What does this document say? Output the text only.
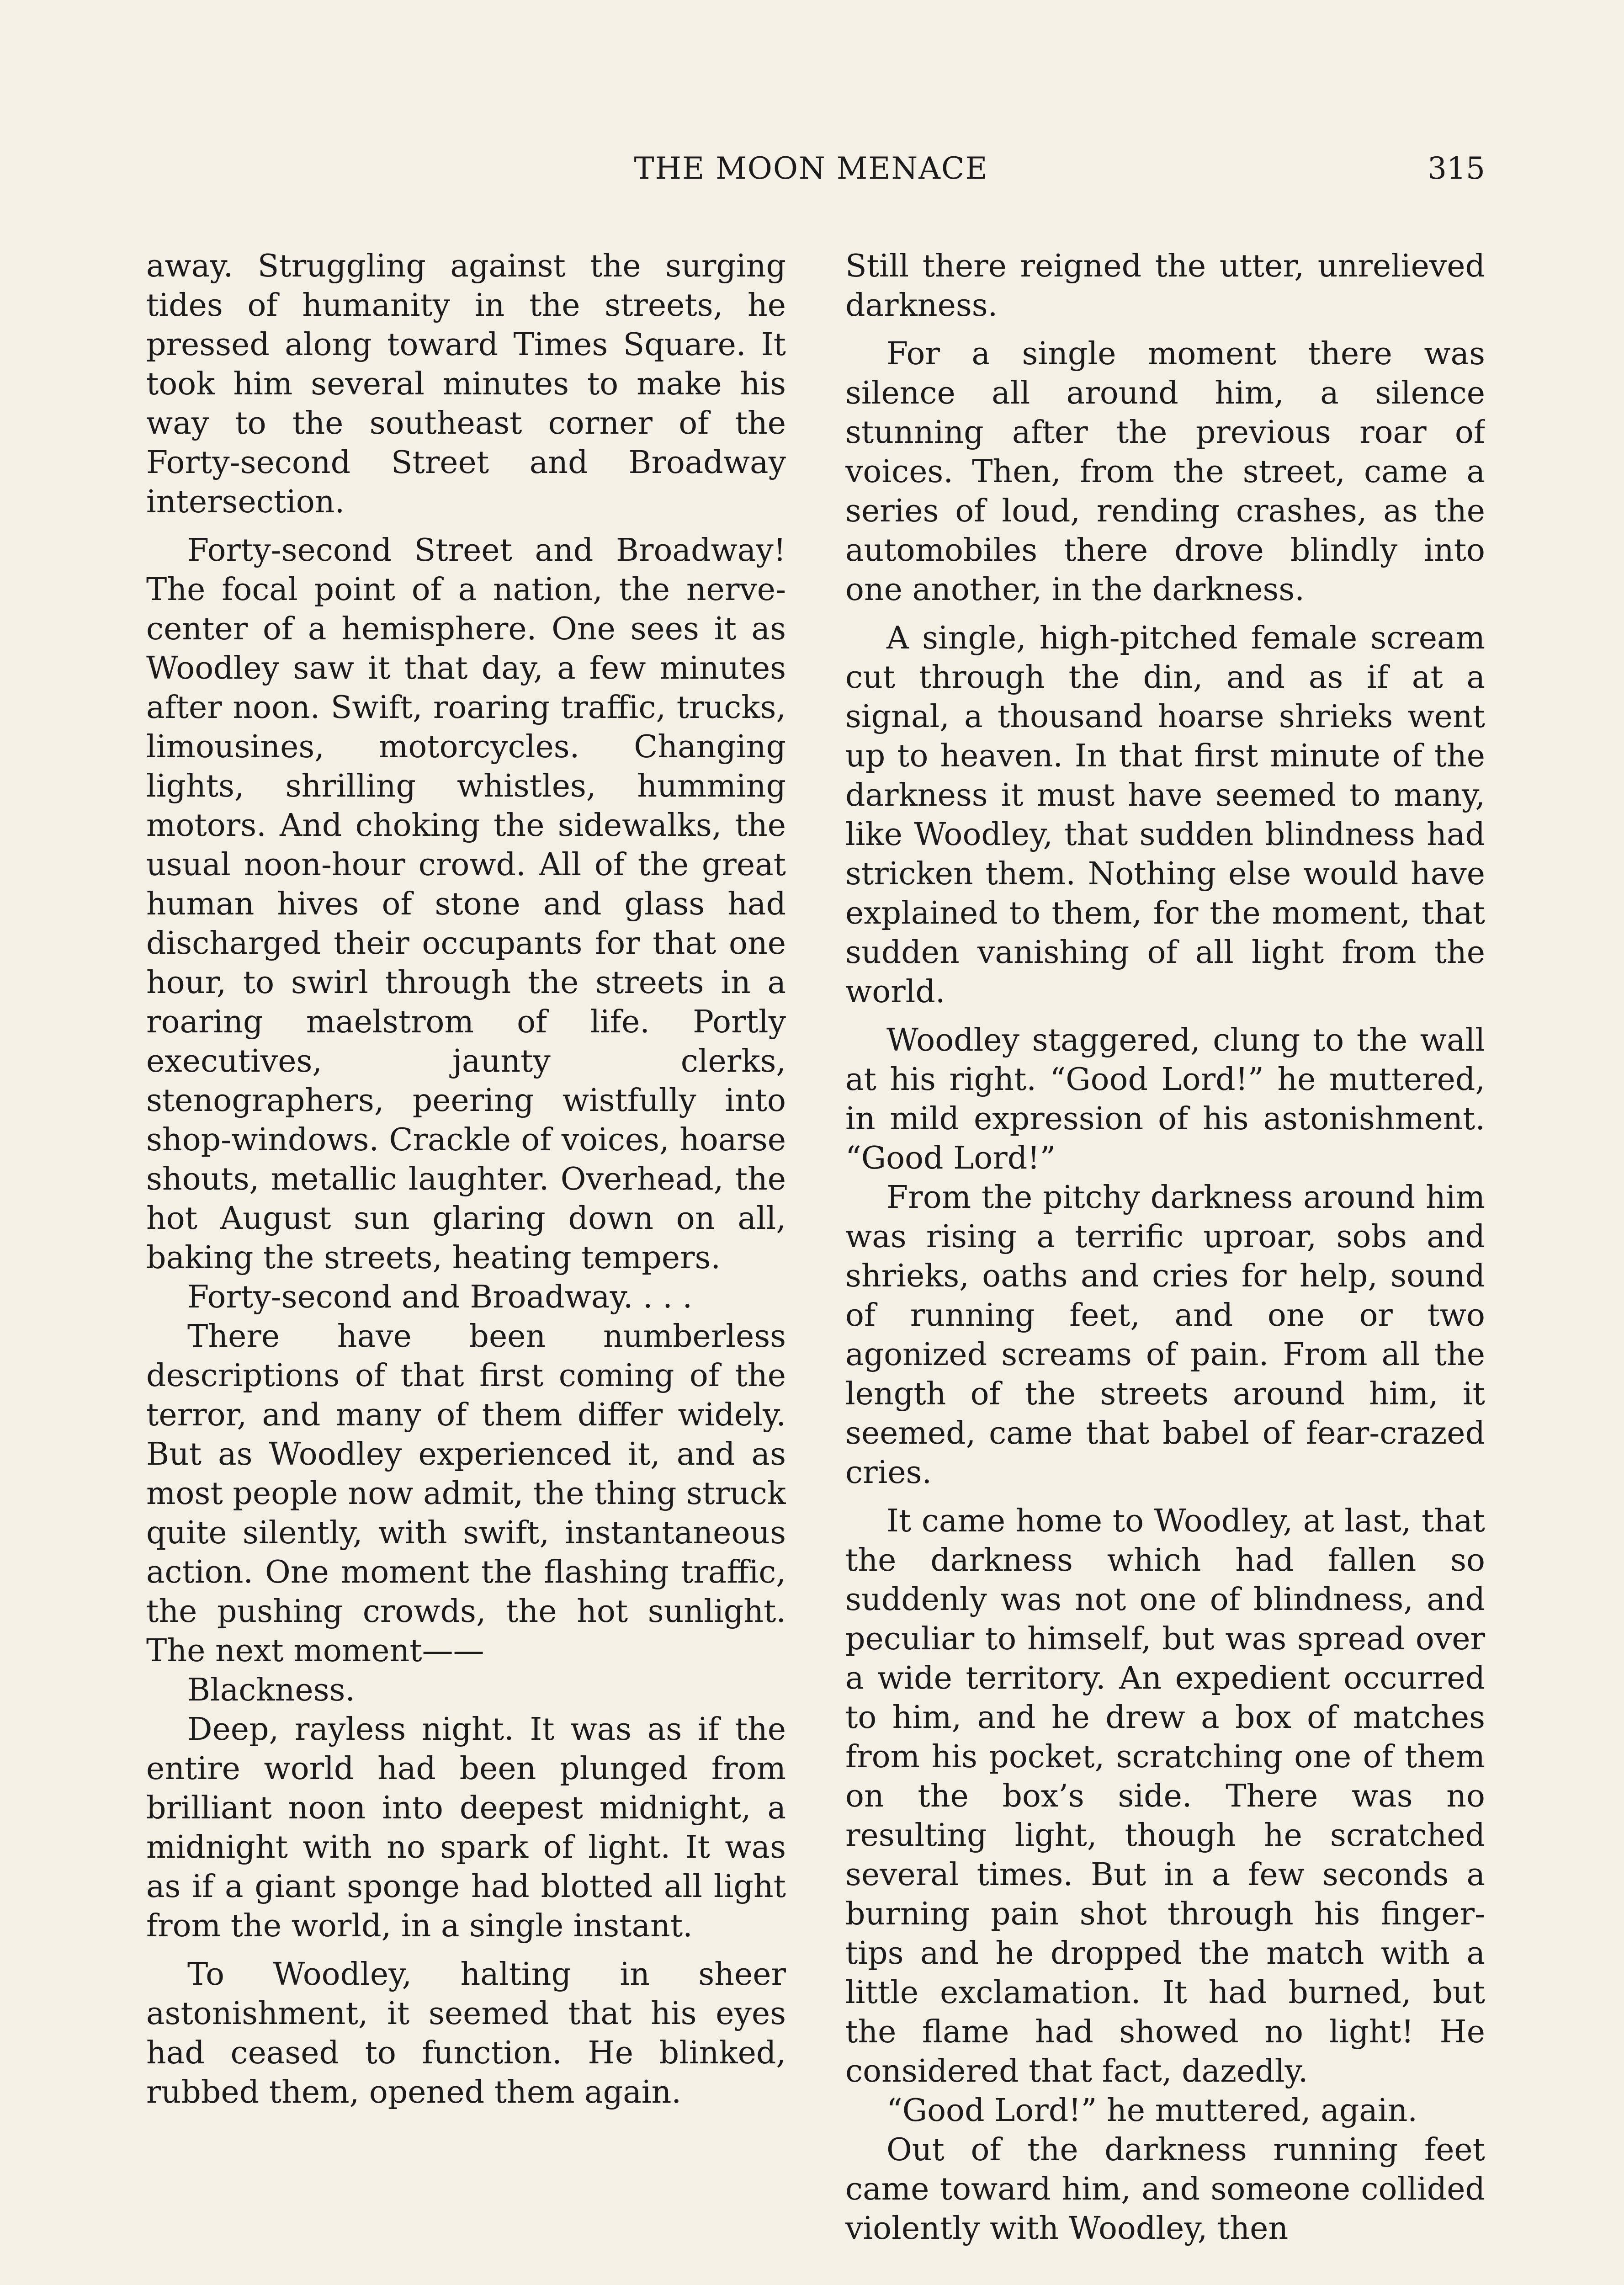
THE MOON MENACE	315

away. Struggling against the surging tides of humanity in the streets, he pressed along toward Times Square. It took him several minutes to make his way to the southeast corner of the Forty-second Street and Broadway intersection.

Forty-second Street and Broadway! The focal point of a nation, the nerve-center of a hemisphere. One sees it as Woodley saw it that day, a few minutes after noon. Swift, roaring traffic, trucks, limousines, motorcycles. Changing lights, shrilling whistles, humming motors. And choking the sidewalks, the usual noon-hour crowd. All of the great human hives of stone and glass had discharged their occupants for that one hour, to swirl through the streets in a roaring maelstrom of life. Portly executives, jaunty clerks, stenographers, peering wistfully into shop-windows. Crackle of voices, hoarse shouts, metallic laughter. Overhead, the hot August sun glaring down on all, baking the streets, heating tempers.

Forty-second and Broadway. . . .

There have been numberless descriptions of that first coming of the terror, and many of them differ widely. But as Woodley experienced it, and as most people now admit, the thing struck quite silently, with swift, instantaneous action. One moment the flashing traffic, the pushing crowds, the hot sunlight. The next moment——

Blackness.

Deep, rayless night. It was as if the entire world had been plunged from brilliant noon into deepest midnight, a midnight with no spark of light. It was as if a giant sponge had blotted all light from the world, in a single instant.

To Woodley, halting in sheer astonishment, it seemed that his eyes had ceased to function. He blinked, rubbed them, opened them again.

Still there reigned the utter, unrelieved darkness.

For a single moment there was silence all around him, a silence stunning after the previous roar of voices. Then, from the street, came a series of loud, rending crashes, as the automobiles there drove blindly into one another, in the darkness.

A single, high-pitched female scream cut through the din, and as if at a signal, a thousand hoarse shrieks went up to heaven. In that first minute of the darkness it must have seemed to many, like Woodley, that sudden blindness had stricken them. Nothing else would have explained to them, for the moment, that sudden vanishing of all light from the world.

Woodley staggered, clung to the wall at his right. “Good Lord!” he muttered, in mild expression of his astonishment. “Good Lord!”

From the pitchy darkness around him was rising a terrific uproar, sobs and shrieks, oaths and cries for help, sound of running feet, and one or two agonized screams of pain. From all the length of the streets around him, it seemed, came that babel of fear-crazed cries.

It came home to Woodley, at last, that the darkness which had fallen so suddenly was not one of blindness, and peculiar to himself, but was spread over a wide territory. An expedient occurred to him, and he drew a box of matches from his pocket, scratching one of them on the box’s side. There was no resulting light, though he scratched several times. But in a few seconds a burning pain shot through his finger-tips and he dropped the match with a little exclamation. It had burned, but the flame had showed no light! He considered that fact, dazedly.

“Good Lord!” he muttered, again.

Out of the darkness running feet came toward him, and someone collided violently with Woodley, then
